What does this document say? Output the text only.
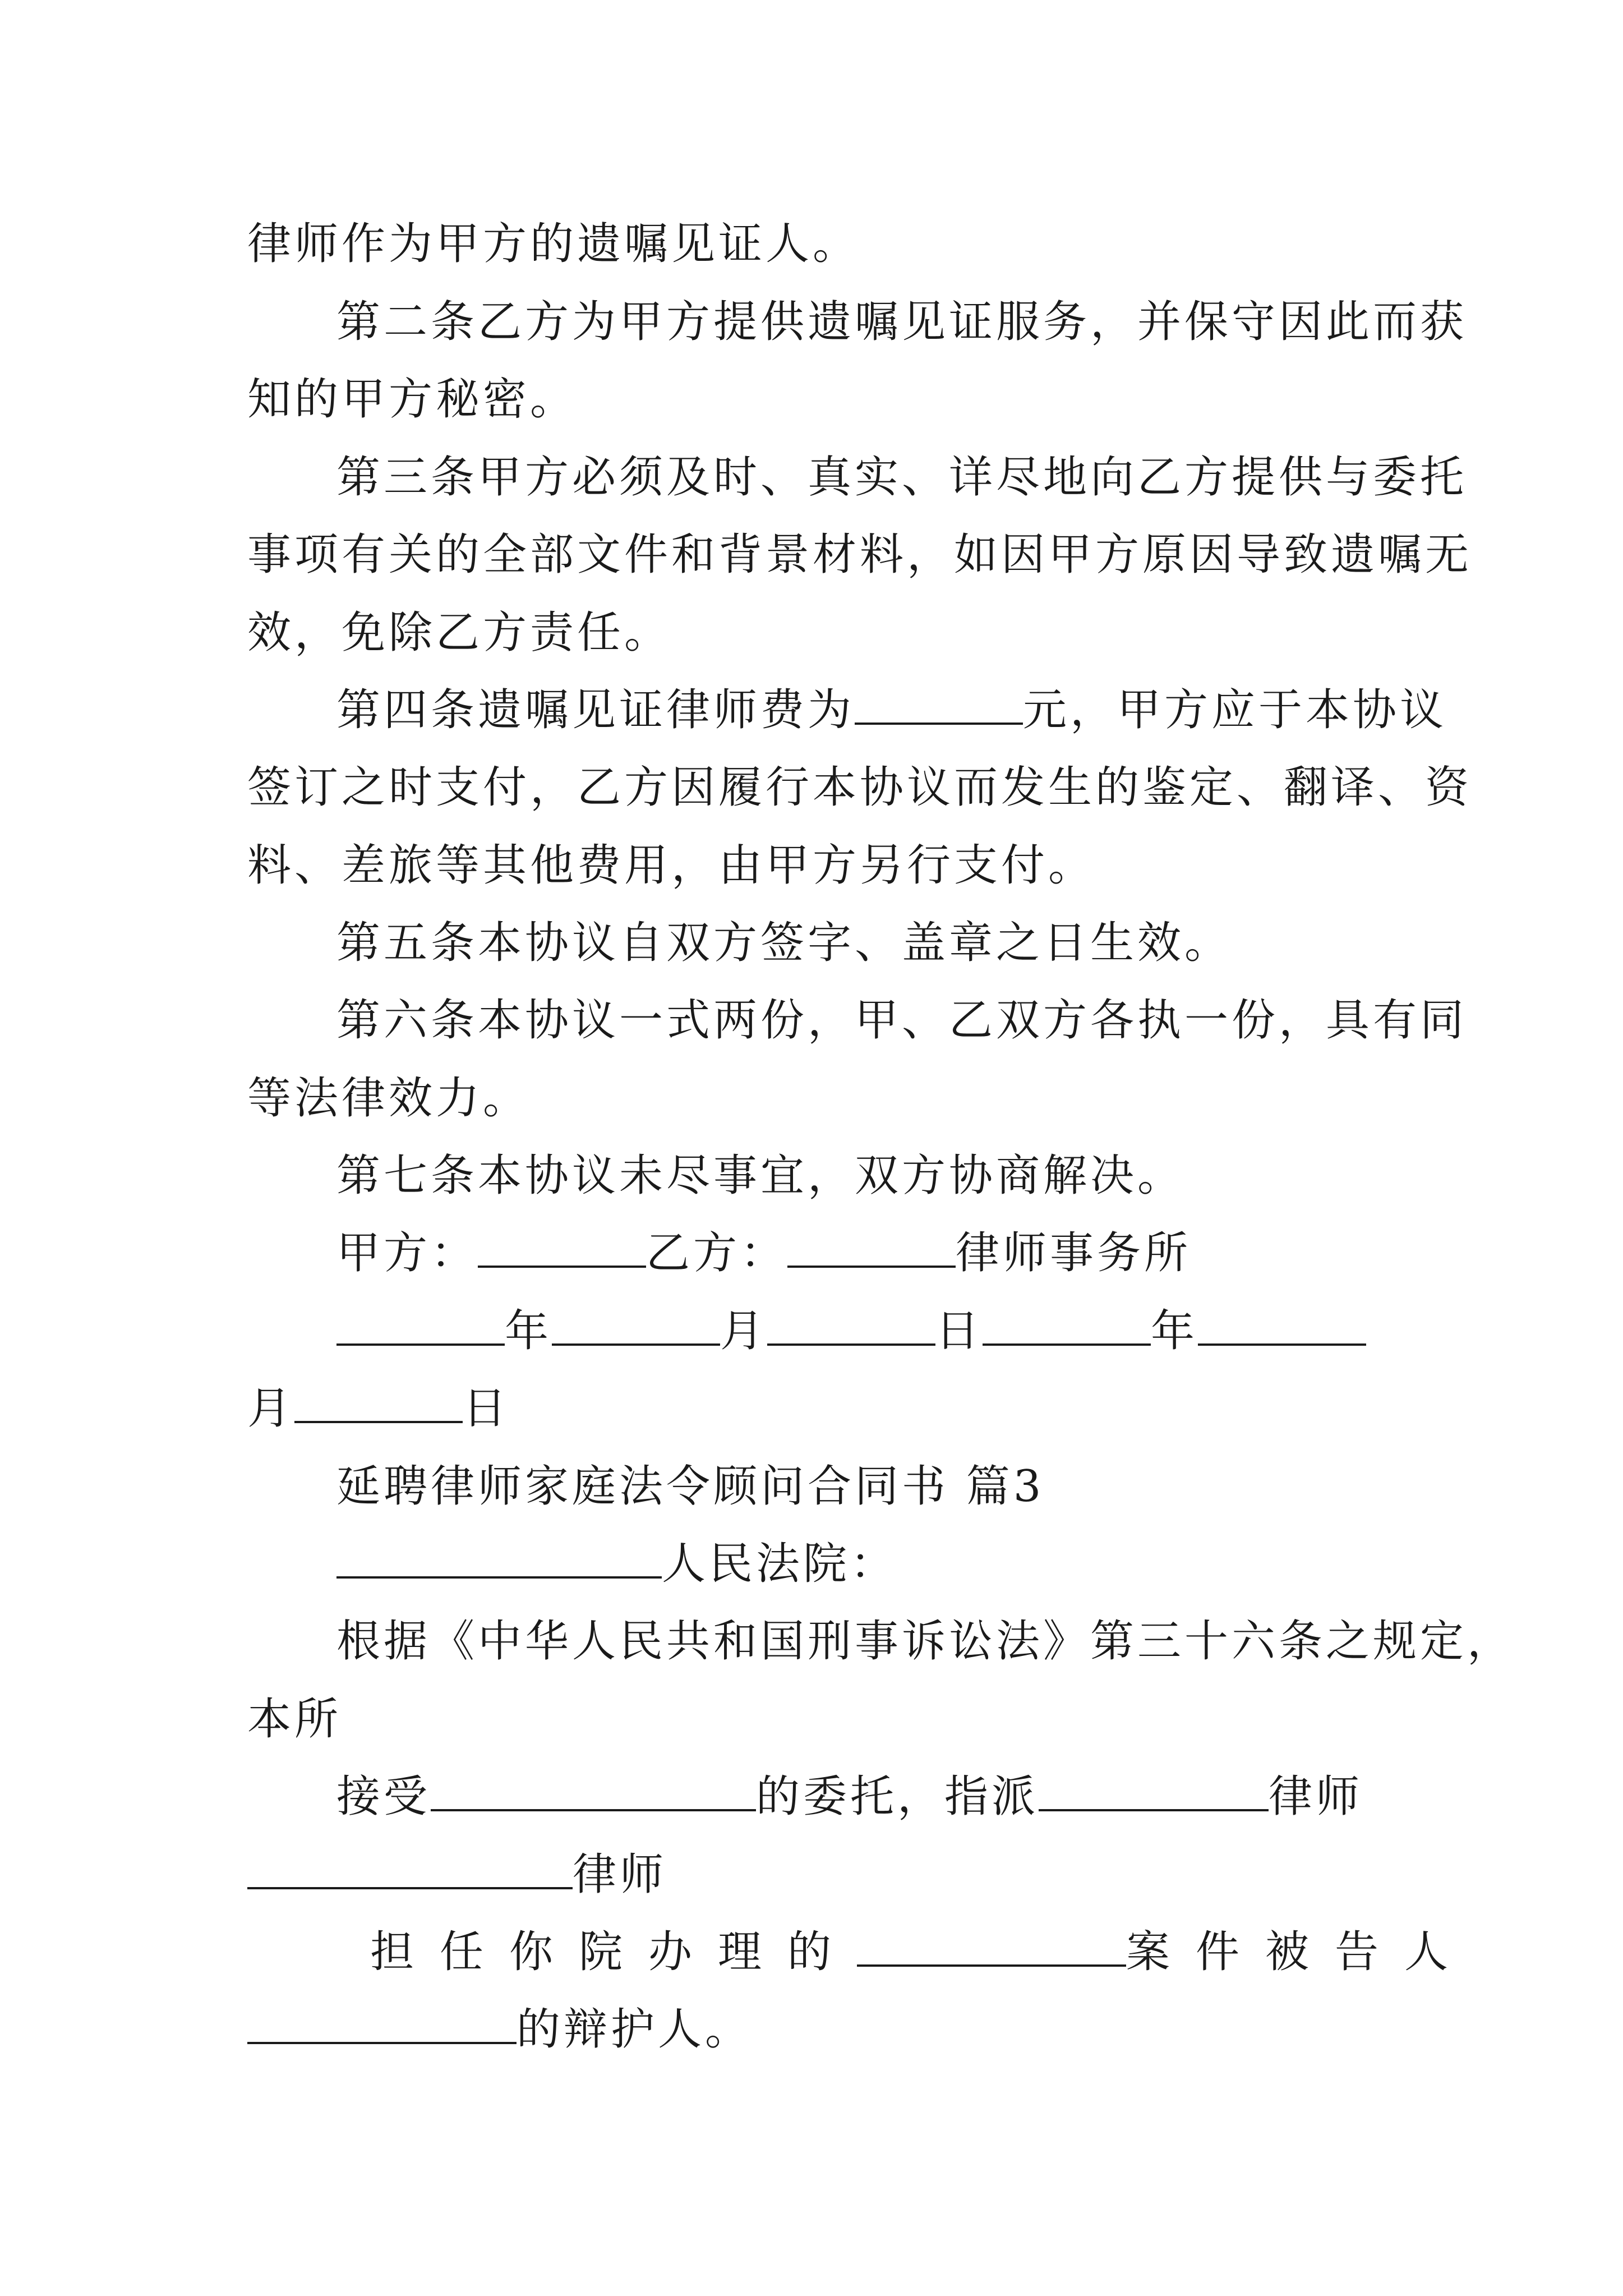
律师作为甲方的遗嘱见证人。
第二条乙方为甲方提供遗嘱见证服务，并保守因此而获
知的甲方秘密。
第三条甲方必须及时、真实、详尽地向乙方提供与委托
事项有关的全部文件和背景材料，如因甲方原因导致遗嘱无
效，免除乙方责任。
第四条遗嘱见证律师费为	元，甲方应于本协议
签订之时支付，乙方因履行本协议而发生的鉴定、翻译、资
料、差旅等其他费用，由甲方另行支付。
第五条本协议自双方签字、盖章之日生效。
第六条本协议一式两份，甲、乙双方各执一份，具有同
等法律效力。
第七条本协议未尽事宜，双方协商解决。
甲方：	乙方：	律师事务所
年	月	日	年
月	日
延聘律师家庭法令顾问合同书 篇3
人民法院：
根据《中华人民共和国刑事诉讼法》第三十六条之规定，
本所
接受	的委托，指派	律师
律师
担任你院办理的	案件被告人
的辩护人。
